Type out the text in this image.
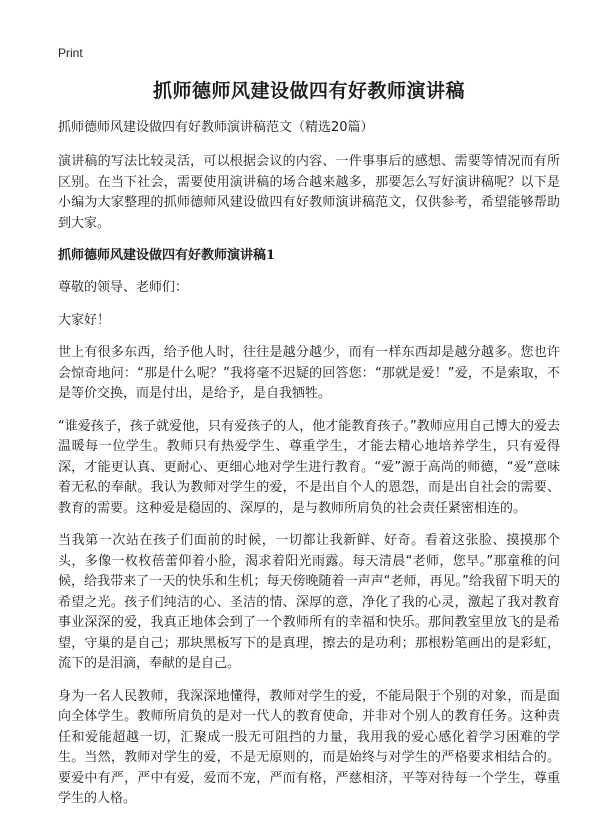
Print
抓师德师风建设做四有好教师演讲稿
抓师德师风建设做四有好教师演讲稿范文（精选20篇）

演讲稿的写法比较灵活，可以根据会议的内容、一件事事后的感想、需要等情况而有所区别。在当下社会，需要使用演讲稿的场合越来越多，那要怎么写好演讲稿呢？以下是小编为大家整理的抓师德师风建设做四有好教师演讲稿范文，仅供参考，希望能够帮助到大家。

抓师德师风建设做四有好教师演讲稿1

尊敬的领导、老师们：

大家好！

世上有很多东西，给予他人时，往往是越分越少，而有一样东西却是越分越多。您也许会惊奇地问：“那是什么呢？”我将毫不迟疑的回答您：“那就是爱！”爱，不是索取，不是等价交换，而是付出，是给予，是自我牺牲。

“谁爱孩子，孩子就爱他，只有爱孩子的人，他才能教育孩子。”教师应用自己博大的爱去温暖每一位学生。教师只有热爱学生、尊重学生，才能去精心地培养学生，只有爱得深，才能更认真、更耐心、更细心地对学生进行教育。“爱”源于高尚的师德，“爱”意味着无私的奉献。我认为教师对学生的爱，不是出自个人的恩怨，而是出自社会的需要、教育的需要。这种爱是稳固的、深厚的，是与教师所肩负的社会责任紧密相连的。

当我第一次站在孩子们面前的时候，一切都让我新鲜、好奇。看着这张脸、摸摸那个头，多像一枚枚蓓蕾仰着小脸，渴求着阳光雨露。每天清晨“老师，您早。”那童稚的问候，给我带来了一天的快乐和生机；每天傍晚随着一声声“老师，再见。”给我留下明天的希望之光。孩子们纯洁的心、圣洁的情、深厚的意，净化了我的心灵，激起了我对教育事业深深的爱，我真正地体会到了一个教师所有的幸福和快乐。那间教室里放飞的是希望，守巢的是自己；那块黑板写下的是真理，擦去的是功利；那根粉笔画出的是彩虹，流下的是泪滴，奉献的是自己。

身为一名人民教师，我深深地懂得，教师对学生的爱，不能局限于个别的对象，而是面向全体学生。教师所肩负的是对一代人的教育使命，并非对个别人的教育任务。这种责任和爱能超越一切，汇聚成一股无可阻挡的力量，我用我的爱心感化着学习困难的学生。当然，教师对学生的爱，不是无原则的，而是始终与对学生的严格要求相结合的。要爱中有严，严中有爱，爱而不宠，严而有格，严慈相济，平等对待每一个学生，尊重学生的人格。
